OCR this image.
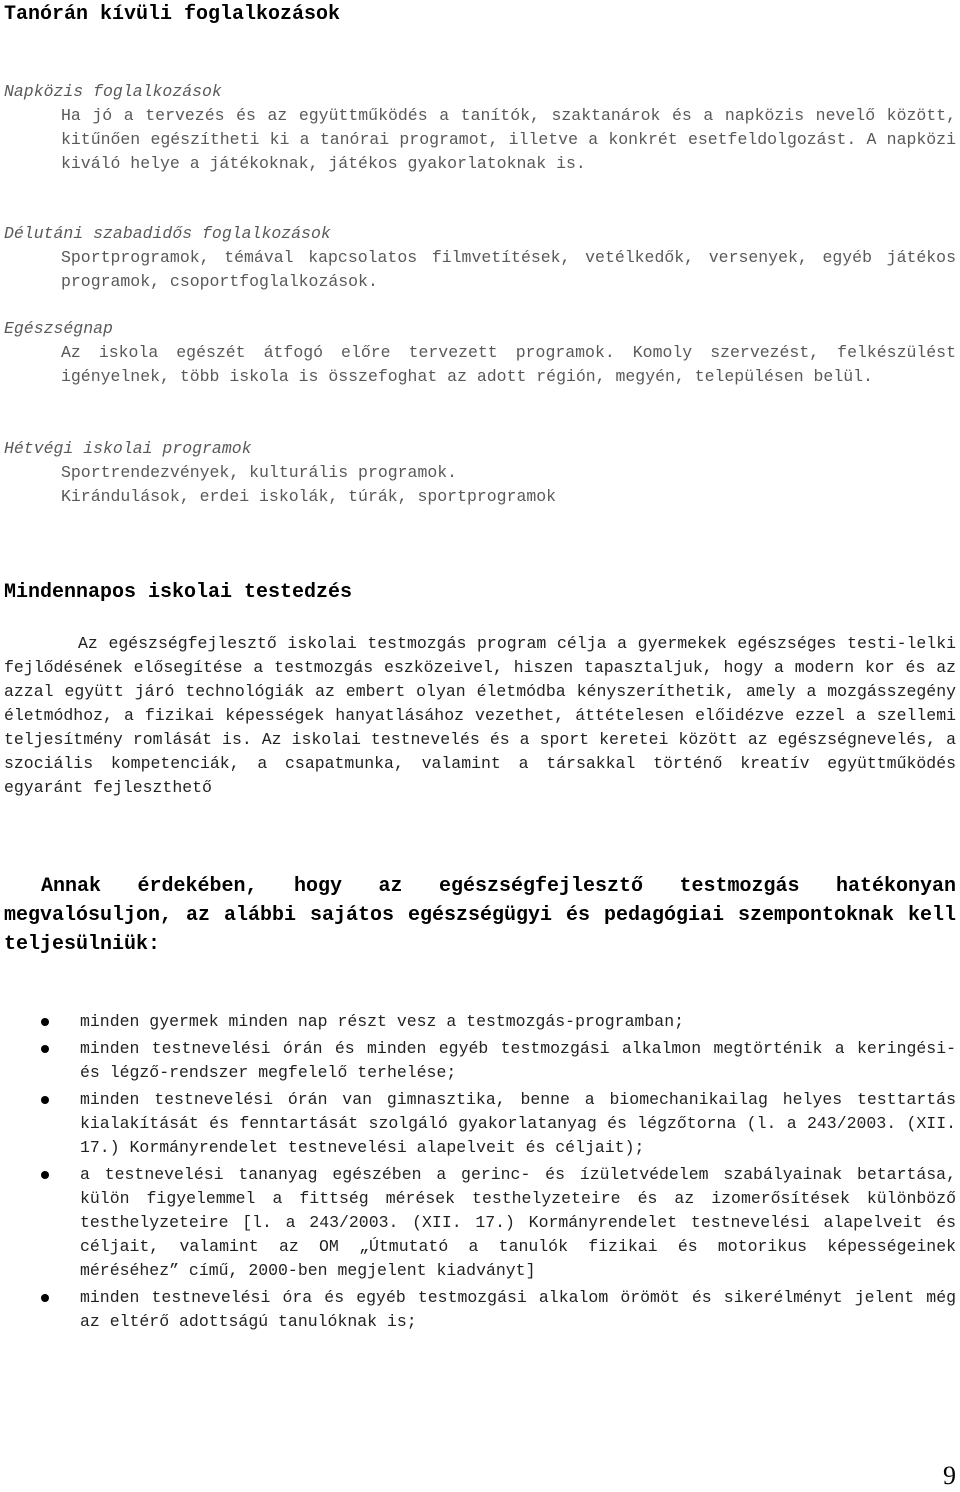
Tanórán kívüli foglalkozások
Napközis foglalkozások
Ha jó a tervezés és az együttműködés a tanítók, szaktanárok és a napközis nevelő között, kitűnően egészítheti ki a tanórai programot, illetve a konkrét esetfeldolgozást. A napközi kiváló helye a játékoknak, játékos gyakorlatoknak is.
Délutáni szabadidős foglalkozások
Sportprogramok, témával kapcsolatos filmvetítések, vetélkedők, versenyek, egyéb játékos programok, csoportfoglalkozások.
Egészségnap
Az iskola egészét átfogó előre tervezett programok. Komoly szervezést, felkészülést igényelnek, több iskola is összefoghat az adott régión, megyén, településen belül.
Hétvégi iskolai programok

Sportrendezvények, kulturális programok.

Kirándulások, erdei iskolák, túrák, sportprogramok

Mindennapos iskolai testedzés

Az egészségfejlesztő iskolai testmozgás program célja a gyermekek egészséges testi-lelki fejlődésének elősegítése a testmozgás eszközeivel, hiszen tapasztaljuk, hogy a modern kor és az azzal együtt járó technológiák az embert olyan életmódba kényszeríthetik, amely a mozgásszegény életmódhoz, a fizikai képességek hanyatlásához vezethet, áttételesen előidézve ezzel a szellemi teljesítmény romlását is. Az iskolai testnevelés és a sport keretei között az egészségnevelés, a szociális kompetenciák, a csapatmunka, valamint a társakkal történő kreatív együttműködés egyaránt fejleszthető

Annak érdekében, hogy az egészségfejlesztő testmozgás hatékonyan megvalósuljon, az alábbi sajátos egészségügyi és pedagógiai szempontoknak kell teljesülniük:

minden gyermek minden nap részt vesz a testmozgás-programban;
minden testnevelési órán és minden egyéb testmozgási alkalmon megtörténik a keringési- és légző-rendszer megfelelő terhelése;
minden testnevelési órán van gimnasztika, benne a biomechanikailag helyes testtartás kialakítását és fenntartását szolgáló gyakorlatanyag és légzőtorna (l. a 243/2003. (XII. 17.) Kormányrendelet testnevelési alapelveit és céljait);
a testnevelési tananyag egészében a gerinc- és ízületvédelem szabályainak betartása, külön figyelemmel a fittség mérések testhelyzeteire és az izomerősítések különböző testhelyzeteire [l. a 243/2003. (XII. 17.) Kormányrendelet testnevelési alapelveit és céljait, valamint az OM „Útmutató a tanulók fizikai és motorikus képességeinek méréséhez” című, 2000-ben megjelent kiadványt]
minden testnevelési óra és egyéb testmozgási alkalom örömöt és sikerélményt jelent még az eltérő adottságú tanulóknak is;
9
